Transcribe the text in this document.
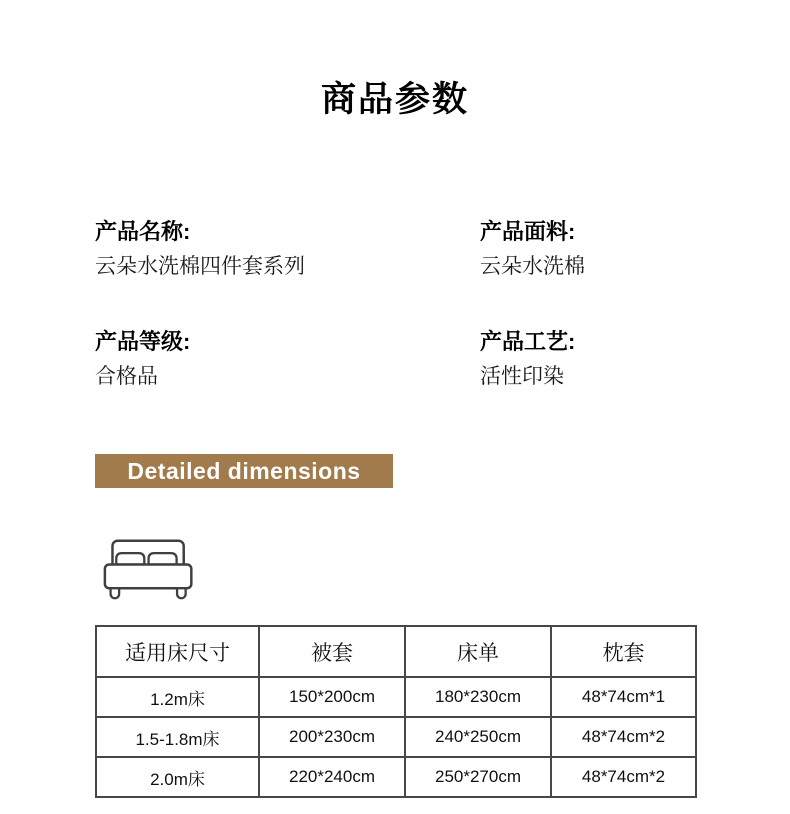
商品参数
产品名称:
云朵水洗棉四件套系列
产品面料:
云朵水洗棉
产品等级:
合格品
产品工艺:
活性印染
Detailed dimensions
适用床尺寸	被套	床单	枕套
1.2m床	150*200cm	180*230cm	48*74cm*1
1.5-1.8m床	200*230cm	240*250cm	48*74cm*2
2.0m床	220*240cm	250*270cm	48*74cm*2
